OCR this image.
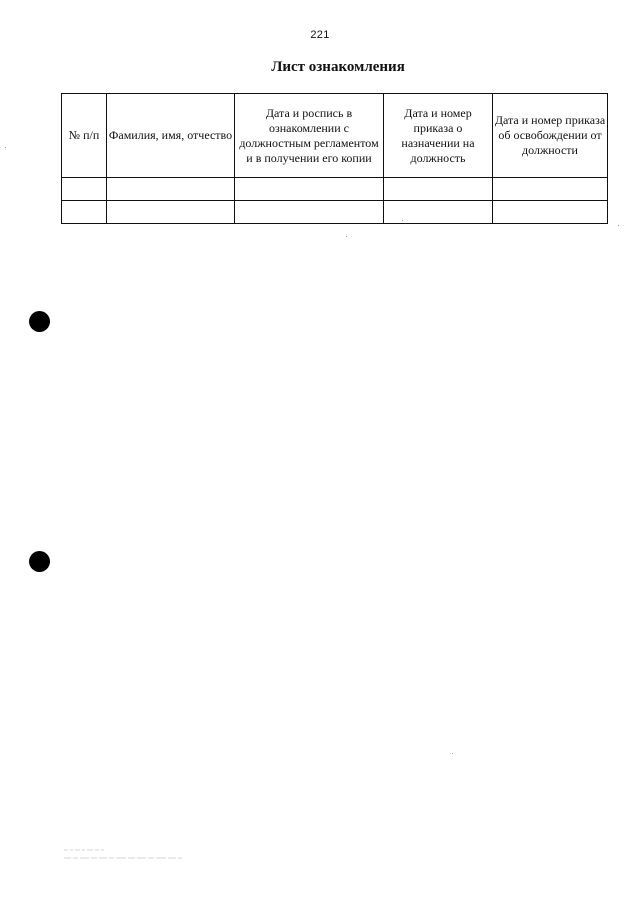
221
Лист ознакомления
№ п/п	Фамилия, имя, отчество	Дата и роспись в ознакомлении с должностным регламентом и в получении его копии	Дата и номер приказа о назначении на должность	Дата и номер приказа об освобождении от должности
